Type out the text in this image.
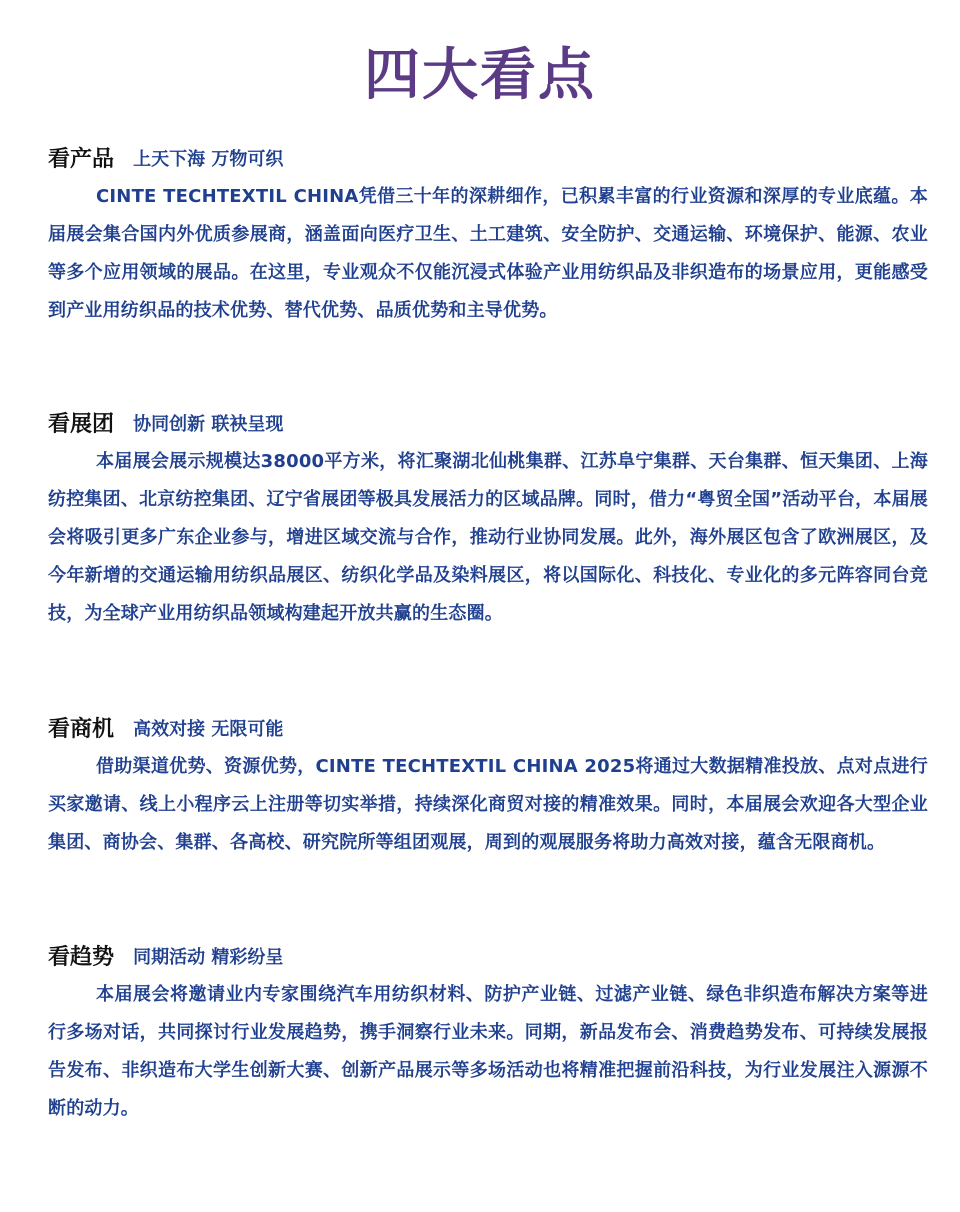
四大看点
看产品 上天下海 万物可织

CINTE TECHTEXTIL CHINA凭借三十年的深耕细作，已积累丰富的行业资源和深厚的专业底蕴。本届展会集合国内外优质参展商，涵盖面向医疗卫生、土工建筑、安全防护、交通运输、环境保护、能源、农业等多个应用领域的展品。在这里，专业观众不仅能沉浸式体验产业用纺织品及非织造布的场景应用，更能感受到产业用纺织品的技术优势、替代优势、品质优势和主导优势。

看展团 协同创新 联袂呈现

本届展会展示规模达38000平方米，将汇聚湖北仙桃集群、江苏阜宁集群、天台集群、恒天集团、上海纺控集团、北京纺控集团、辽宁省展团等极具发展活力的区域品牌。同时，借力“粤贸全国”活动平台，本届展会将吸引更多广东企业参与，增进区域交流与合作，推动行业协同发展。此外，海外展区包含了欧洲展区，及今年新增的交通运输用纺织品展区、纺织化学品及染料展区，将以国际化、科技化、专业化的多元阵容同台竞技，为全球产业用纺织品领域构建起开放共赢的生态圈。

看商机 高效对接 无限可能

借助渠道优势、资源优势，CINTE TECHTEXTIL CHINA 2025将通过大数据精准投放、点对点进行买家邀请、线上小程序云上注册等切实举措，持续深化商贸对接的精准效果。同时，本届展会欢迎各大型企业集团、商协会、集群、各高校、研究院所等组团观展，周到的观展服务将助力高效对接，蕴含无限商机。

看趋势 同期活动 精彩纷呈

本届展会将邀请业内专家围绕汽车用纺织材料、防护产业链、过滤产业链、绿色非织造布解决方案等进行多场对话，共同探讨行业发展趋势，携手洞察行业未来。同期，新品发布会、消费趋势发布、可持续发展报告发布、非织造布大学生创新大赛、创新产品展示等多场活动也将精准把握前沿科技，为行业发展注入源源不断的动力。
